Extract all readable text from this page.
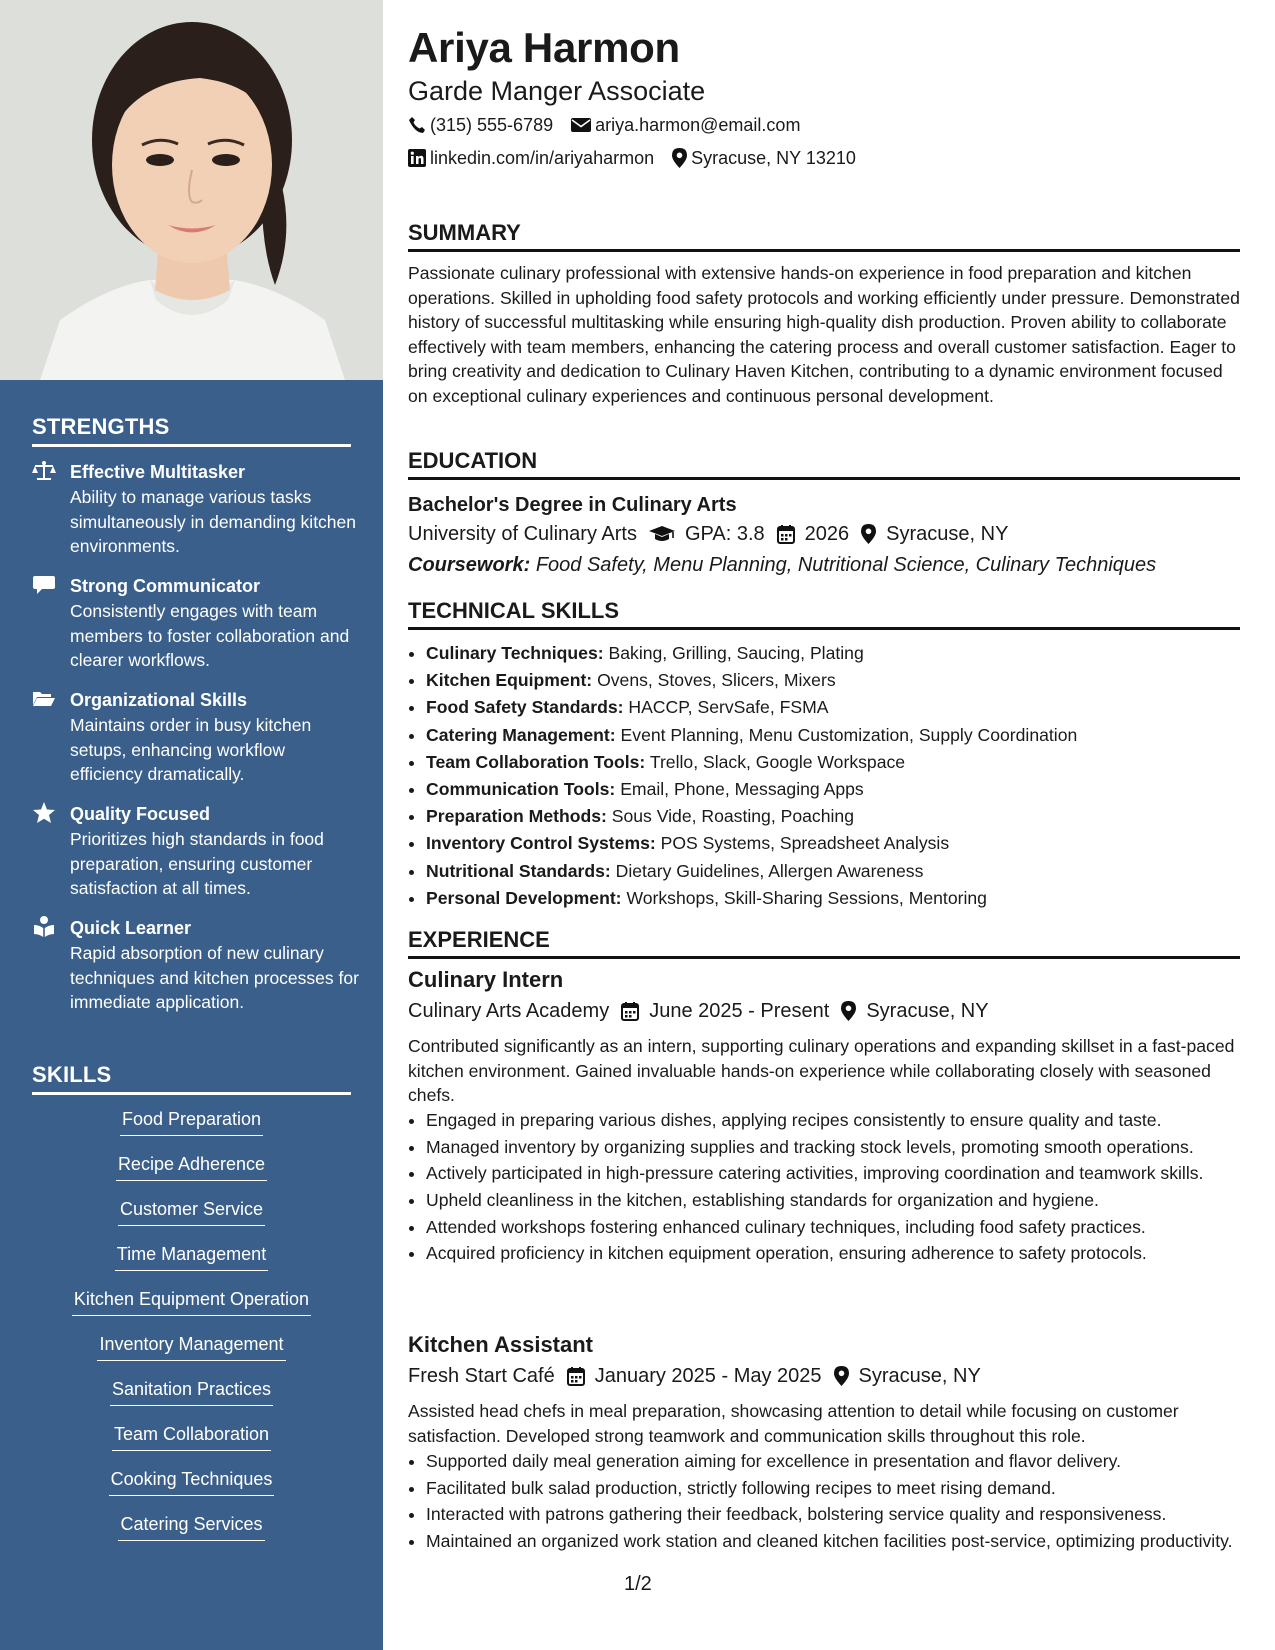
STRENGTHS
Effective Multitasker
Ability to manage various tasks simultaneously in demanding kitchen environments.
Strong Communicator
Consistently engages with team members to foster collaboration and clearer workflows.
Organizational Skills
Maintains order in busy kitchen setups, enhancing workflow efficiency dramatically.
Quality Focused
Prioritizes high standards in food preparation, ensuring customer satisfaction at all times.
Quick Learner
Rapid absorption of new culinary techniques and kitchen processes for immediate application.
SKILLS
Food Preparation
Recipe Adherence
Customer Service
Time Management
Kitchen Equipment Operation
Inventory Management
Sanitation Practices
Team Collaboration
Cooking Techniques
Catering Services
Ariya Harmon
Garde Manger Associate
(315) 555-6789 ariya.harmon@email.com
linkedin.com/in/ariyaharmon Syracuse, NY 13210
SUMMARY
Passionate culinary professional with extensive hands-on experience in food preparation and kitchen operations. Skilled in upholding food safety protocols and working efficiently under pressure. Demonstrated history of successful multitasking while ensuring high-quality dish production. Proven ability to collaborate effectively with team members, enhancing the catering process and overall customer satisfaction. Eager to bring creativity and dedication to Culinary Haven Kitchen, contributing to a dynamic environment focused on exceptional culinary experiences and continuous personal development.
EDUCATION
Bachelor's Degree in Culinary Arts
University of Culinary Arts GPA: 3.8 2026 Syracuse, NY
Coursework: Food Safety, Menu Planning, Nutritional Science, Culinary Techniques
TECHNICAL SKILLS
• Culinary Techniques: Baking, Grilling, Saucing, Plating
• Kitchen Equipment: Ovens, Stoves, Slicers, Mixers
• Food Safety Standards: HACCP, ServSafe, FSMA
• Catering Management: Event Planning, Menu Customization, Supply Coordination
• Team Collaboration Tools: Trello, Slack, Google Workspace
• Communication Tools: Email, Phone, Messaging Apps
• Preparation Methods: Sous Vide, Roasting, Poaching
• Inventory Control Systems: POS Systems, Spreadsheet Analysis
• Nutritional Standards: Dietary Guidelines, Allergen Awareness
• Personal Development: Workshops, Skill-Sharing Sessions, Mentoring
EXPERIENCE
Culinary Intern
Culinary Arts Academy June 2025 - Present Syracuse, NY
Contributed significantly as an intern, supporting culinary operations and expanding skillset in a fast-paced kitchen environment. Gained invaluable hands-on experience while collaborating closely with seasoned chefs.
• Engaged in preparing various dishes, applying recipes consistently to ensure quality and taste.
• Managed inventory by organizing supplies and tracking stock levels, promoting smooth operations.
• Actively participated in high-pressure catering activities, improving coordination and teamwork skills.
• Upheld cleanliness in the kitchen, establishing standards for organization and hygiene.
• Attended workshops fostering enhanced culinary techniques, including food safety practices.
• Acquired proficiency in kitchen equipment operation, ensuring adherence to safety protocols.
Kitchen Assistant
Fresh Start Café January 2025 - May 2025 Syracuse, NY
Assisted head chefs in meal preparation, showcasing attention to detail while focusing on customer satisfaction. Developed strong teamwork and communication skills throughout this role.
• Supported daily meal generation aiming for excellence in presentation and flavor delivery.
• Facilitated bulk salad production, strictly following recipes to meet rising demand.
• Interacted with patrons gathering their feedback, bolstering service quality and responsiveness.
• Maintained an organized work station and cleaned kitchen facilities post-service, optimizing productivity.
1/2
